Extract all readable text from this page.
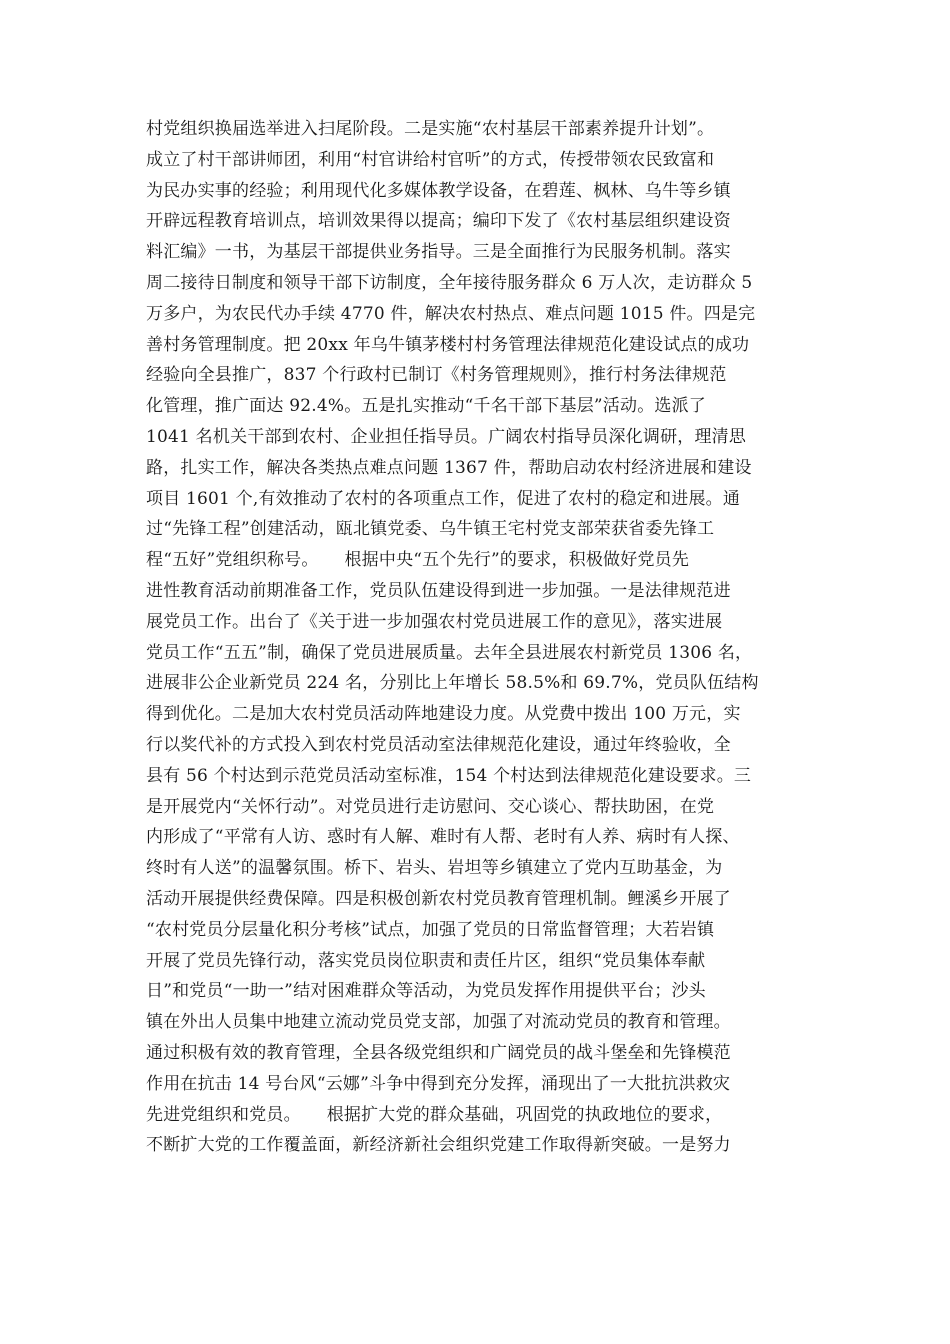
村党组织换届选举进入扫尾阶段。二是实施“农村基层干部素养提升计划”。
成立了村干部讲师团，利用“村官讲给村官听”的方式，传授带领农民致富和
为民办实事的经验；利用现代化多媒体教学设备，在碧莲、枫林、乌牛等乡镇
开辟远程教育培训点，培训效果得以提高；编印下发了《农村基层组织建设资
料汇编》一书，为基层干部提供业务指导。三是全面推行为民服务机制。落实
周二接待日制度和领导干部下访制度，全年接待服务群众 6 万人次，走访群众 5
万多户，为农民代办手续 4770 件，解决农村热点、难点问题 1015 件。四是完
善村务管理制度。把 20xx 年乌牛镇茅楼村村务管理法律规范化建设试点的成功
经验向全县推广，837 个行政村已制订《村务管理规则》，推行村务法律规范
化管理，推广面达 92.4%。五是扎实推动“千名干部下基层”活动。选派了
1041 名机关干部到农村、企业担任指导员。广阔农村指导员深化调研，理清思
路，扎实工作，解决各类热点难点问题 1367 件，帮助启动农村经济进展和建设
项目 1601 个,有效推动了农村的各项重点工作，促进了农村的稳定和进展。通
过“先锋工程”创建活动，瓯北镇党委、乌牛镇王宅村党支部荣获省委先锋工
程“五好”党组织称号。　　根据中央“五个先行”的要求，积极做好党员先
进性教育活动前期准备工作，党员队伍建设得到进一步加强。一是法律规范进
展党员工作。出台了《关于进一步加强农村党员进展工作的意见》，落实进展
党员工作“五五”制，确保了党员进展质量。去年全县进展农村新党员 1306 名，
进展非公企业新党员 224 名，分别比上年增长 58.5%和 69.7%，党员队伍结构
得到优化。二是加大农村党员活动阵地建设力度。从党费中拨出 100 万元，实
行以奖代补的方式投入到农村党员活动室法律规范化建设，通过年终验收，全
县有 56 个村达到示范党员活动室标准，154 个村达到法律规范化建设要求。三
是开展党内“关怀行动”。对党员进行走访慰问、交心谈心、帮扶助困，在党
内形成了“平常有人访、惑时有人解、难时有人帮、老时有人养、病时有人探、
终时有人送”的温馨氛围。桥下、岩头、岩坦等乡镇建立了党内互助基金，为
活动开展提供经费保障。四是积极创新农村党员教育管理机制。鲤溪乡开展了
“农村党员分层量化积分考核”试点，加强了党员的日常监督管理；大若岩镇
开展了党员先锋行动，落实党员岗位职责和责任片区，组织“党员集体奉献
日”和党员“一助一”结对困难群众等活动，为党员发挥作用提供平台；沙头
镇在外出人员集中地建立流动党员党支部，加强了对流动党员的教育和管理。
通过积极有效的教育管理，全县各级党组织和广阔党员的战斗堡垒和先锋模范
作用在抗击 14 号台风“云娜”斗争中得到充分发挥，涌现出了一大批抗洪救灾
先进党组织和党员。　　根据扩大党的群众基础，巩固党的执政地位的要求，
不断扩大党的工作覆盖面，新经济新社会组织党建工作取得新突破。一是努力
